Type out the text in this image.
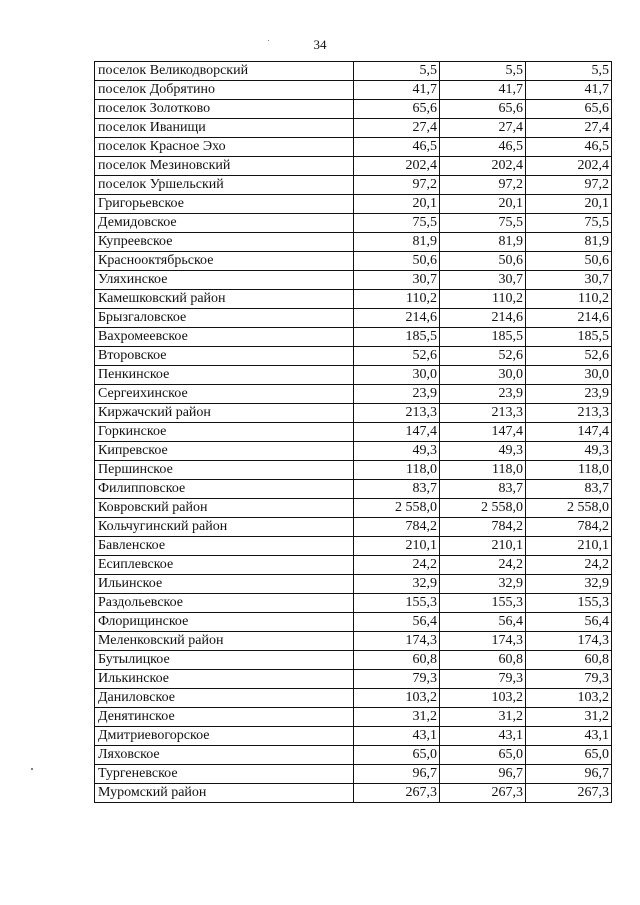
34
поселок Великодворский	5,5	5,5	5,5
поселок Добрятино	41,7	41,7	41,7
поселок Золотково	65,6	65,6	65,6
поселок Иванищи	27,4	27,4	27,4
поселок Красное Эхо	46,5	46,5	46,5
поселок Мезиновский	202,4	202,4	202,4
поселок Уршельский	97,2	97,2	97,2
Григорьевское	20,1	20,1	20,1
Демидовское	75,5	75,5	75,5
Купреевское	81,9	81,9	81,9
Краснооктябрьское	50,6	50,6	50,6
Уляхинское	30,7	30,7	30,7
Камешковский район	110,2	110,2	110,2
Брызгаловское	214,6	214,6	214,6
Вахромеевское	185,5	185,5	185,5
Второвское	52,6	52,6	52,6
Пенкинское	30,0	30,0	30,0
Сергеихинское	23,9	23,9	23,9
Киржачский район	213,3	213,3	213,3
Горкинское	147,4	147,4	147,4
Кипревское	49,3	49,3	49,3
Першинское	118,0	118,0	118,0
Филипповское	83,7	83,7	83,7
Ковровский район	2 558,0	2 558,0	2 558,0
Кольчугинский район	784,2	784,2	784,2
Бавленское	210,1	210,1	210,1
Есиплевское	24,2	24,2	24,2
Ильинское	32,9	32,9	32,9
Раздольевское	155,3	155,3	155,3
Флорищинское	56,4	56,4	56,4
Меленковский район	174,3	174,3	174,3
Бутылицкое	60,8	60,8	60,8
Илькинское	79,3	79,3	79,3
Даниловское	103,2	103,2	103,2
Денятинское	31,2	31,2	31,2
Дмитриевогорское	43,1	43,1	43,1
Ляховское	65,0	65,0	65,0
Тургеневское	96,7	96,7	96,7
Муромский район	267,3	267,3	267,3
